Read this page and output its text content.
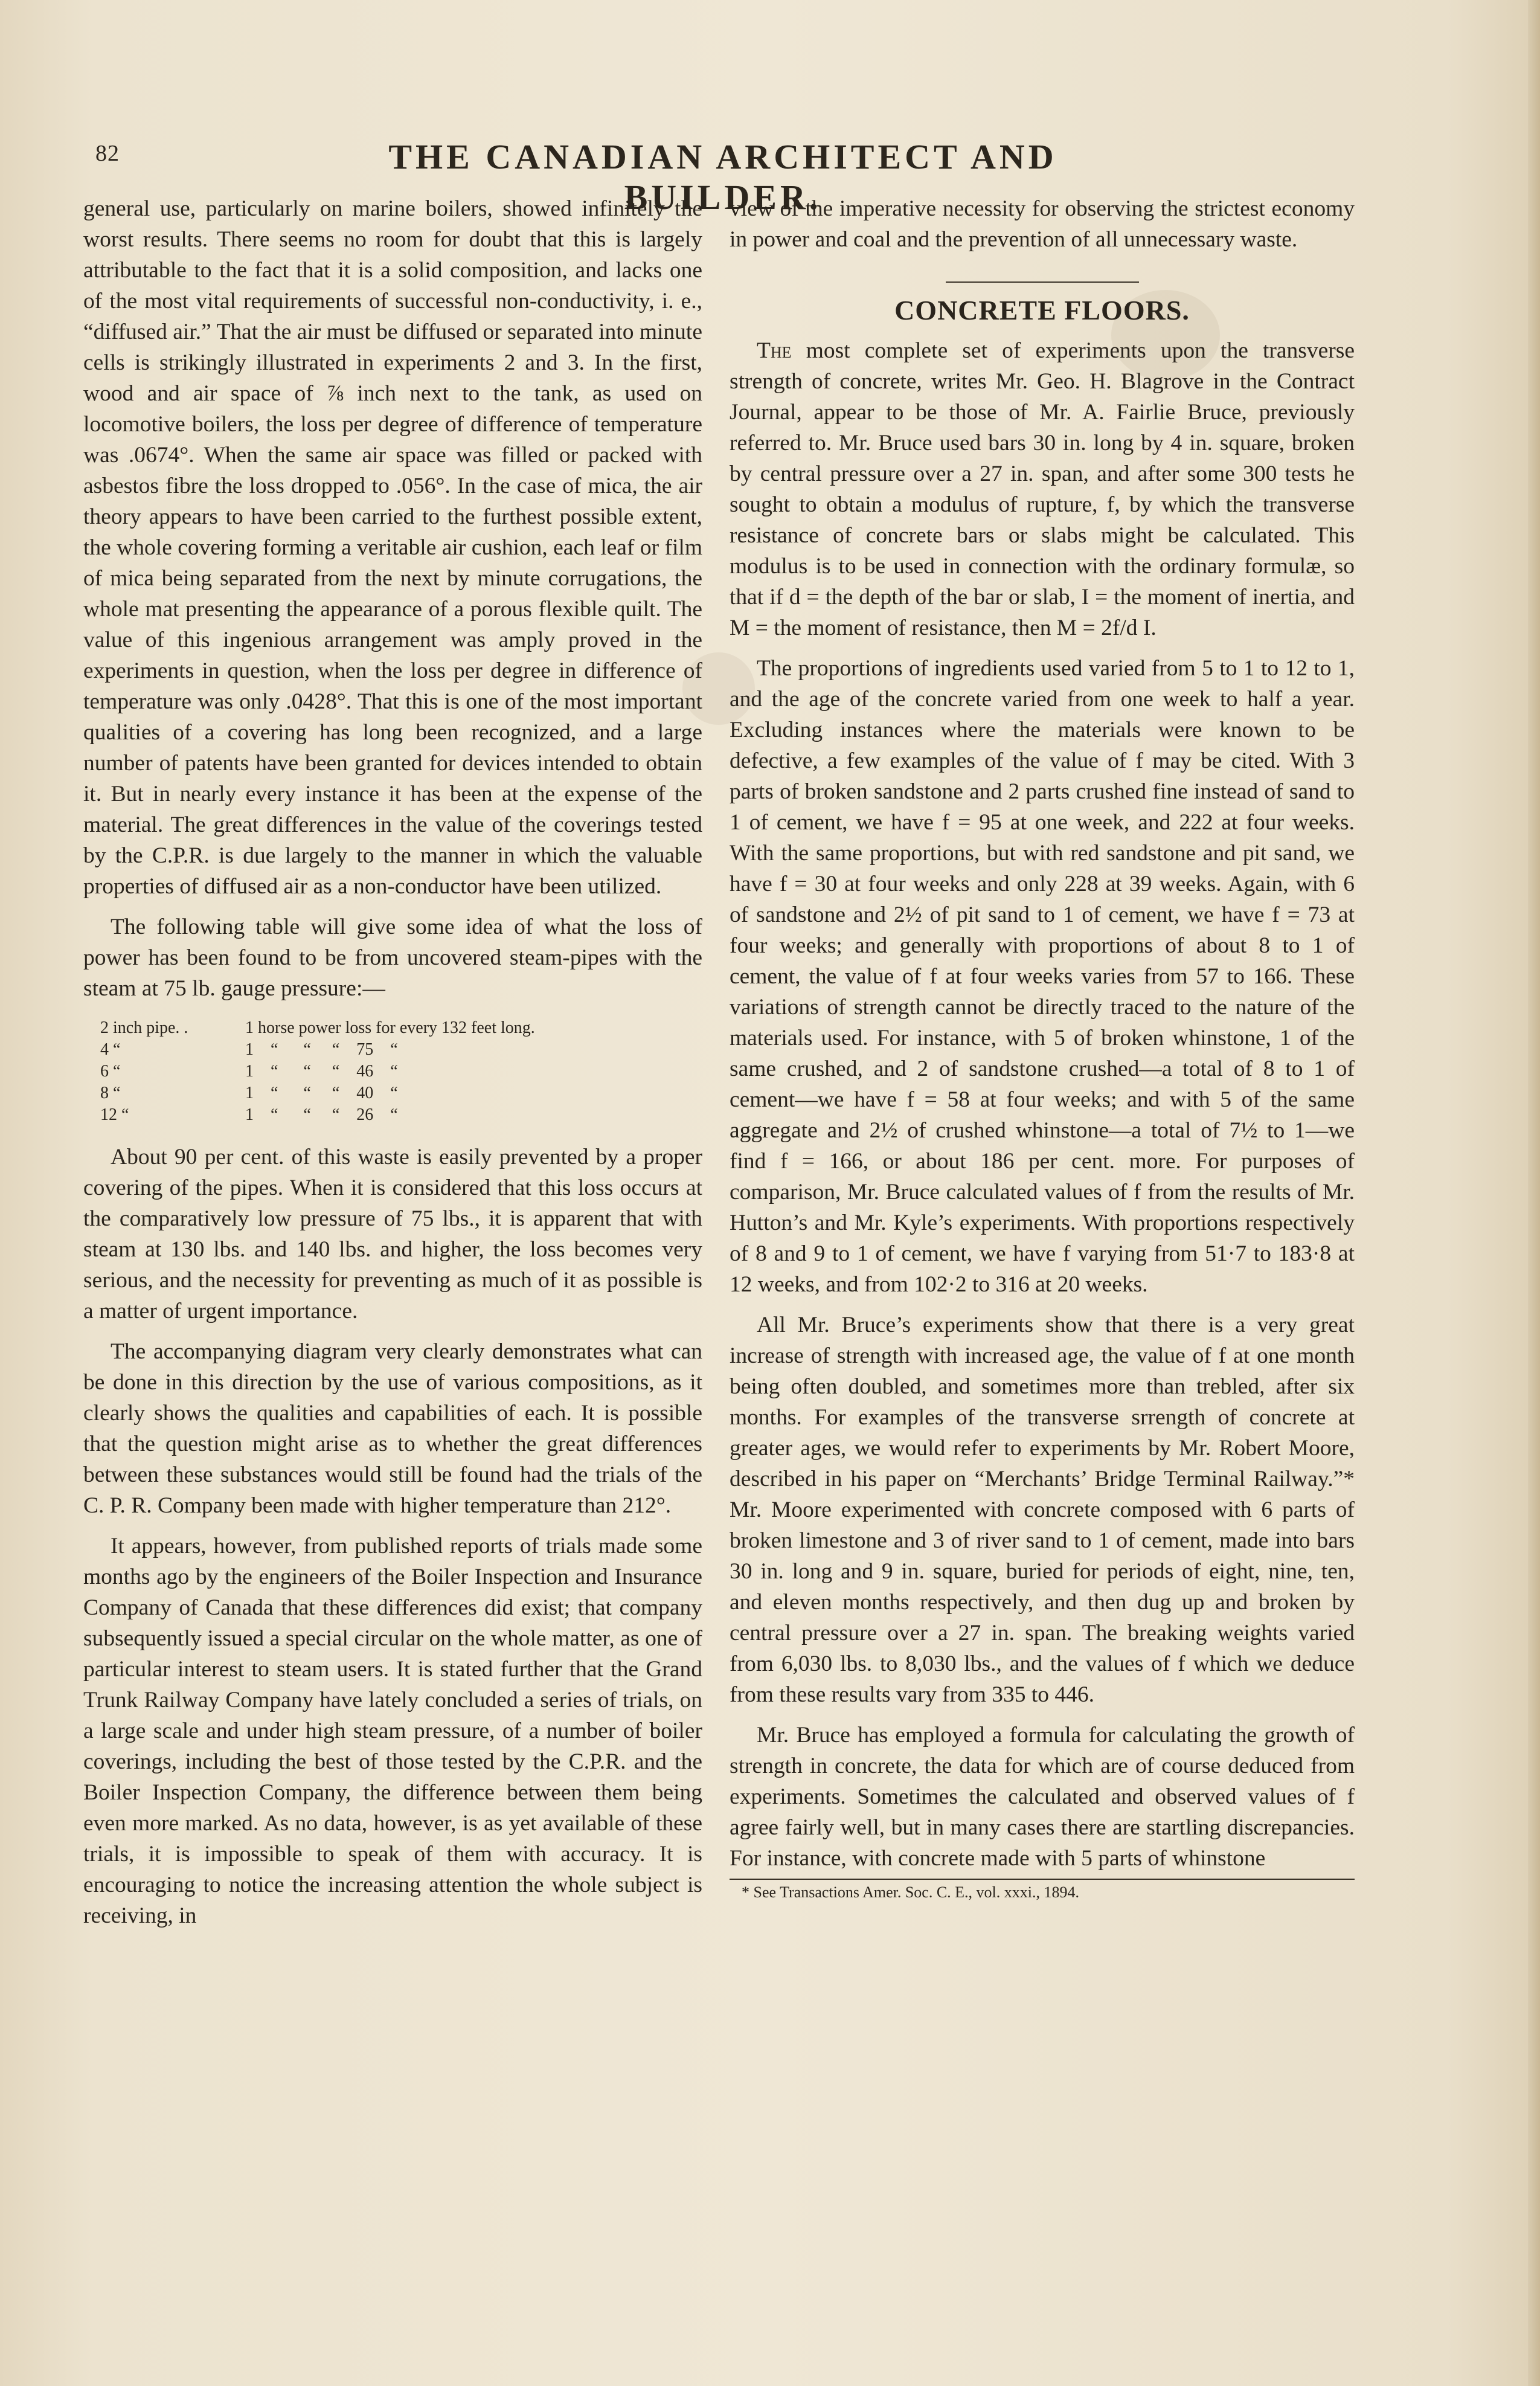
82	THE CANADIAN ARCHITECT AND BUILDER.

general use, particularly on marine boilers, showed infinitely the worst results. There seems no room for doubt that this is largely attributable to the fact that it is a solid composition, and lacks one of the most vital requirements of successful non-conductivity, i. e., “diffused air.” That the air must be diffused or separated into minute cells is strikingly illustrated in experiments 2 and 3. In the first, wood and air space of ⅞ inch next to the tank, as used on locomotive boilers, the loss per degree of difference of temperature was .0674°. When the same air space was filled or packed with asbestos fibre the loss dropped to .056°. In the case of mica, the air theory appears to have been carried to the furthest possible extent, the whole covering forming a veritable air cushion, each leaf or film of mica being separated from the next by minute corrugations, the whole mat presenting the appearance of a porous flexible quilt. The value of this ingenious arrangement was amply proved in the experiments in question, when the loss per degree in difference of temperature was only .0428°. That this is one of the most important qualities of a covering has long been recognized, and a large number of patents have been granted for devices intended to obtain it. But in nearly every instance it has been at the expense of the material. The great differences in the value of the coverings tested by the C.P.R. is due largely to the manner in which the valuable properties of diffused air as a non-conductor have been utilized.

The following table will give some idea of what the loss of power has been found to be from uncovered steam-pipes with the steam at 75 lb. gauge pressure:—

2 inch pipe. .	1 horse power loss for every 132 feet long.
4 “	1    “      “     “    75    “
6 “	1    “      “     “    46    “
8 “	1    “      “     “    40    “
12 “	1    “      “     “    26    “

About 90 per cent. of this waste is easily prevented by a proper covering of the pipes. When it is considered that this loss occurs at the comparatively low pressure of 75 lbs., it is apparent that with steam at 130 lbs. and 140 lbs. and higher, the loss becomes very serious, and the necessity for preventing as much of it as possible is a matter of urgent importance.

The accompanying diagram very clearly demonstrates what can be done in this direction by the use of various compositions, as it clearly shows the qualities and capabilities of each. It is possible that the question might arise as to whether the great differences between these substances would still be found had the trials of the C. P. R. Company been made with higher temperature than 212°.

It appears, however, from published reports of trials made some months ago by the engineers of the Boiler Inspection and Insurance Company of Canada that these differences did exist; that company subsequently issued a special circular on the whole matter, as one of particular interest to steam users. It is stated further that the Grand Trunk Railway Company have lately concluded a series of trials, on a large scale and under high steam pressure, of a number of boiler coverings, including the best of those tested by the C.P.R. and the Boiler Inspection Company, the difference between them being even more marked. As no data, however, is as yet available of these trials, it is impossible to speak of them with accuracy. It is encouraging to notice the increasing attention the whole subject is receiving, in

view of the imperative necessity for observing the strictest economy in power and coal and the prevention of all unnecessary waste.

CONCRETE FLOORS.

The most complete set of experiments upon the transverse strength of concrete, writes Mr. Geo. H. Blagrove in the Contract Journal, appear to be those of Mr. A. Fairlie Bruce, previously referred to. Mr. Bruce used bars 30 in. long by 4 in. square, broken by central pressure over a 27 in. span, and after some 300 tests he sought to obtain a modulus of rupture, f, by which the transverse resistance of concrete bars or slabs might be calculated. This modulus is to be used in connection with the ordinary formulæ, so that if d = the depth of the bar or slab, I = the moment of inertia, and M = the moment of resistance, then M = 2f/d I.

The proportions of ingredients used varied from 5 to 1 to 12 to 1, and the age of the concrete varied from one week to half a year. Excluding instances where the materials were known to be defective, a few examples of the value of f may be cited. With 3 parts of broken sandstone and 2 parts crushed fine instead of sand to 1 of cement, we have f = 95 at one week, and 222 at four weeks. With the same proportions, but with red sandstone and pit sand, we have f = 30 at four weeks and only 228 at 39 weeks. Again, with 6 of sandstone and 2½ of pit sand to 1 of cement, we have f = 73 at four weeks; and generally with proportions of about 8 to 1 of cement, the value of f at four weeks varies from 57 to 166. These variations of strength cannot be directly traced to the nature of the materials used. For instance, with 5 of broken whinstone, 1 of the same crushed, and 2 of sandstone crushed—a total of 8 to 1 of cement—we have f = 58 at four weeks; and with 5 of the same aggregate and 2½ of crushed whinstone—a total of 7½ to 1—we find f = 166, or about 186 per cent. more. For purposes of comparison, Mr. Bruce calculated values of f from the results of Mr. Hutton’s and Mr. Kyle’s experiments. With proportions respectively of 8 and 9 to 1 of cement, we have f varying from 51·7 to 183·8 at 12 weeks, and from 102·2 to 316 at 20 weeks.

All Mr. Bruce’s experiments show that there is a very great increase of strength with increased age, the value of f at one month being often doubled, and sometimes more than trebled, after six months. For examples of the transverse srrength of concrete at greater ages, we would refer to experiments by Mr. Robert Moore, described in his paper on “Merchants’ Bridge Terminal Railway.”* Mr. Moore experimented with concrete composed with 6 parts of broken limestone and 3 of river sand to 1 of cement, made into bars 30 in. long and 9 in. square, buried for periods of eight, nine, ten, and eleven months respectively, and then dug up and broken by central pressure over a 27 in. span. The breaking weights varied from 6,030 lbs. to 8,030 lbs., and the values of f which we deduce from these results vary from 335 to 446.

Mr. Bruce has employed a formula for calculating the growth of strength in concrete, the data for which are of course deduced from experiments. Sometimes the calculated and observed values of f agree fairly well, but in many cases there are startling discrepancies. For instance, with concrete made with 5 parts of whinstone

* See Transactions Amer. Soc. C. E., vol. xxxi., 1894.
